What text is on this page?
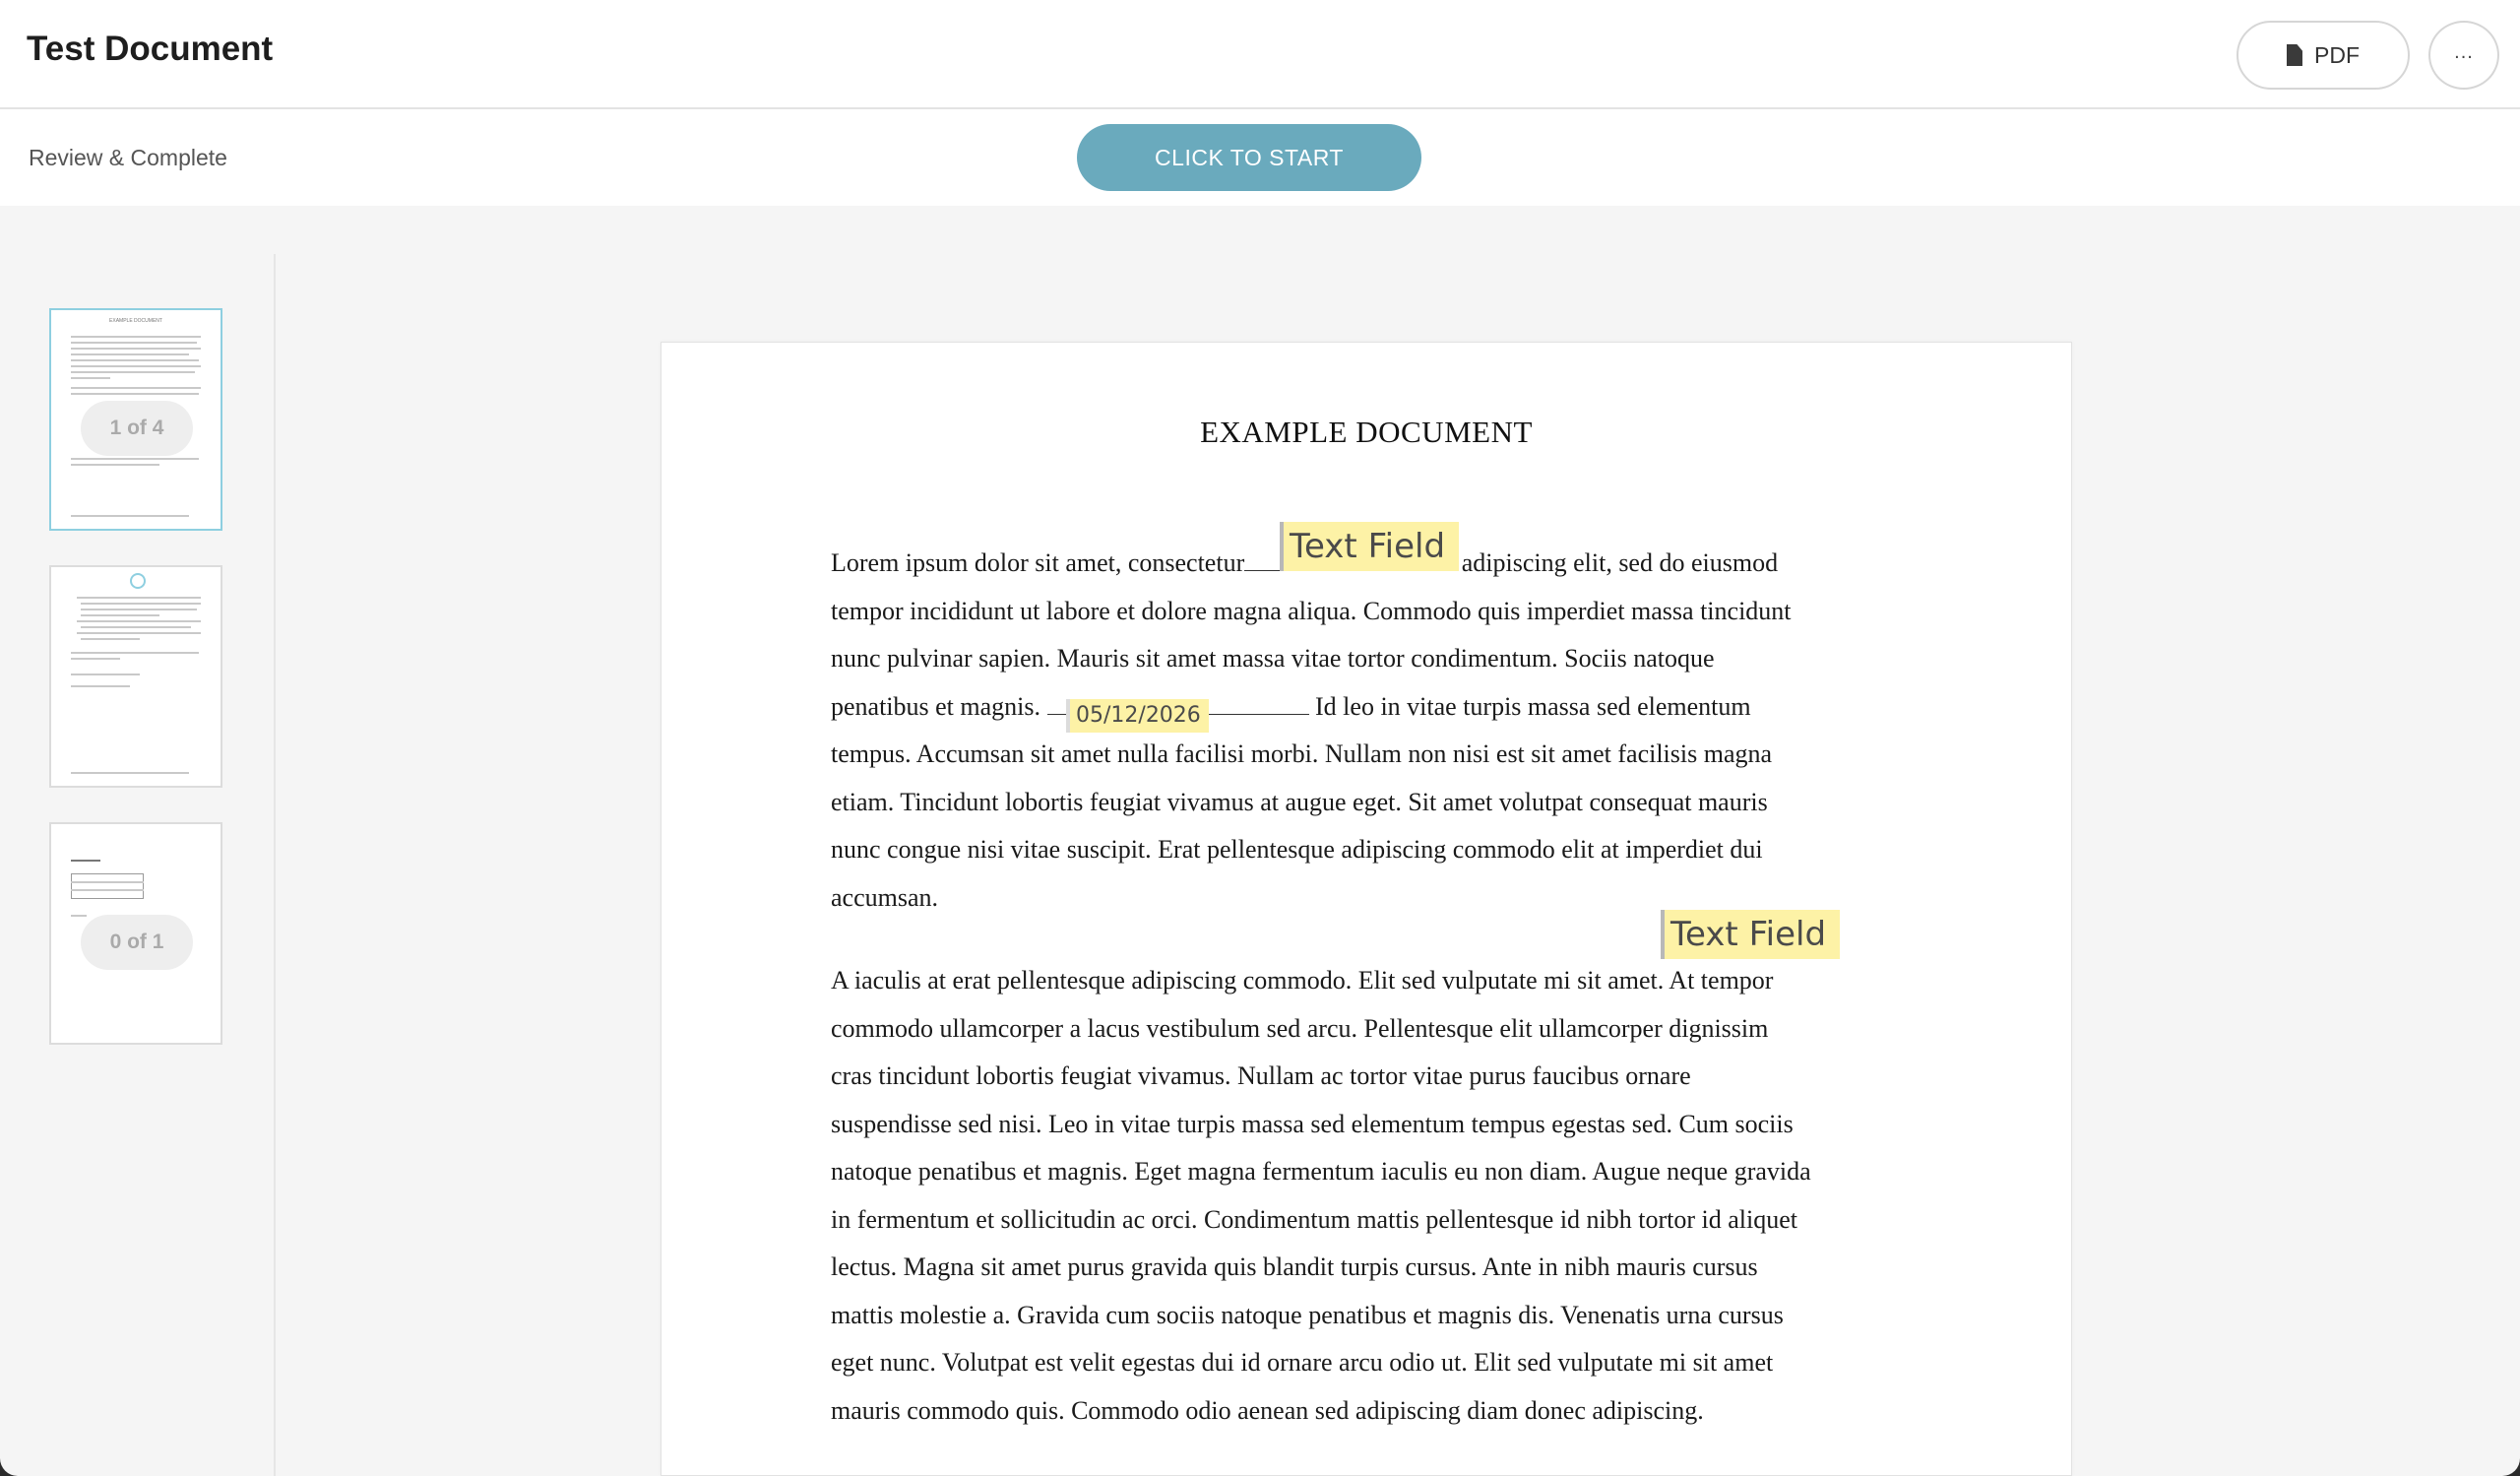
Test Document	PDF	...
Review & Complete	CLICK TO START
EXAMPLE DOCUMENT
1 of 4
0 of 1
EXAMPLE DOCUMENT
Lorem ipsum dolor sit amet, consectetur	adipiscing elit, sed do eiusmod
tempor incididunt ut labore et dolore magna aliqua. Commodo quis imperdiet massa tincidunt
nunc pulvinar sapien. Mauris sit amet massa vitae tortor condimentum. Sociis natoque
penatibus et magnis.	Id leo in vitae turpis massa sed elementum
tempus. Accumsan sit amet nulla facilisi morbi. Nullam non nisi est sit amet facilisis magna
etiam. Tincidunt lobortis feugiat vivamus at augue eget. Sit amet volutpat consequat mauris
nunc congue nisi vitae suscipit. Erat pellentesque adipiscing commodo elit at imperdiet dui
accumsan.
A iaculis at erat pellentesque adipiscing commodo. Elit sed vulputate mi sit amet. At tempor
commodo ullamcorper a lacus vestibulum sed arcu. Pellentesque elit ullamcorper dignissim
cras tincidunt lobortis feugiat vivamus. Nullam ac tortor vitae purus faucibus ornare
suspendisse sed nisi. Leo in vitae turpis massa sed elementum tempus egestas sed. Cum sociis
natoque penatibus et magnis. Eget magna fermentum iaculis eu non diam. Augue neque gravida
in fermentum et sollicitudin ac orci. Condimentum mattis pellentesque id nibh tortor id aliquet
lectus. Magna sit amet purus gravida quis blandit turpis cursus. Ante in nibh mauris cursus
mattis molestie a. Gravida cum sociis natoque penatibus et magnis dis. Venenatis urna cursus
eget nunc. Volutpat est velit egestas dui id ornare arcu odio ut. Elit sed vulputate mi sit amet
mauris commodo quis. Commodo odio aenean sed adipiscing diam donec adipiscing.
Text Field
05/12/2026
Text Field
